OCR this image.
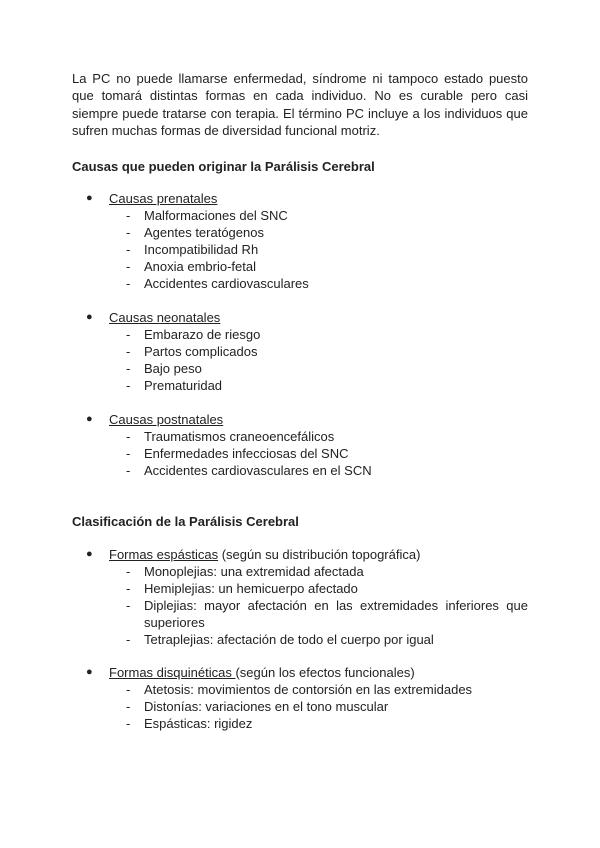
La PC no puede llamarse enfermedad, síndrome ni tampoco estado puesto que tomará distintas formas en cada individuo. No es curable pero casi siempre puede tratarse con terapia. El término PC incluye a los individuos que sufren muchas formas de diversidad funcional motriz.

Causas que pueden originar la Parálisis Cerebral

● Causas prenatales
- Malformaciones del SNC
- Agentes teratógenos
- Incompatibilidad Rh
- Anoxia embrio-fetal
- Accidentes cardiovasculares
● Causas neonatales
- Embarazo de riesgo
- Partos complicados
- Bajo peso
- Prematuridad
● Causas postnatales
- Traumatismos craneoencefálicos
- Enfermedades infecciosas del SNC
- Accidentes cardiovasculares en el SCN

Clasificación de la Parálisis Cerebral

● Formas espásticas (según su distribución topográfica)
- Monoplejias: una extremidad afectada
- Hemiplejias: un hemicuerpo afectado
- Diplejias: mayor afectación en las extremidades inferiores que superiores
- Tetraplejias: afectación de todo el cuerpo por igual
● Formas disquinéticas (según los efectos funcionales)
- Atetosis: movimientos de contorsión en las extremidades
- Distonías: variaciones en el tono muscular
- Espásticas: rigidez
